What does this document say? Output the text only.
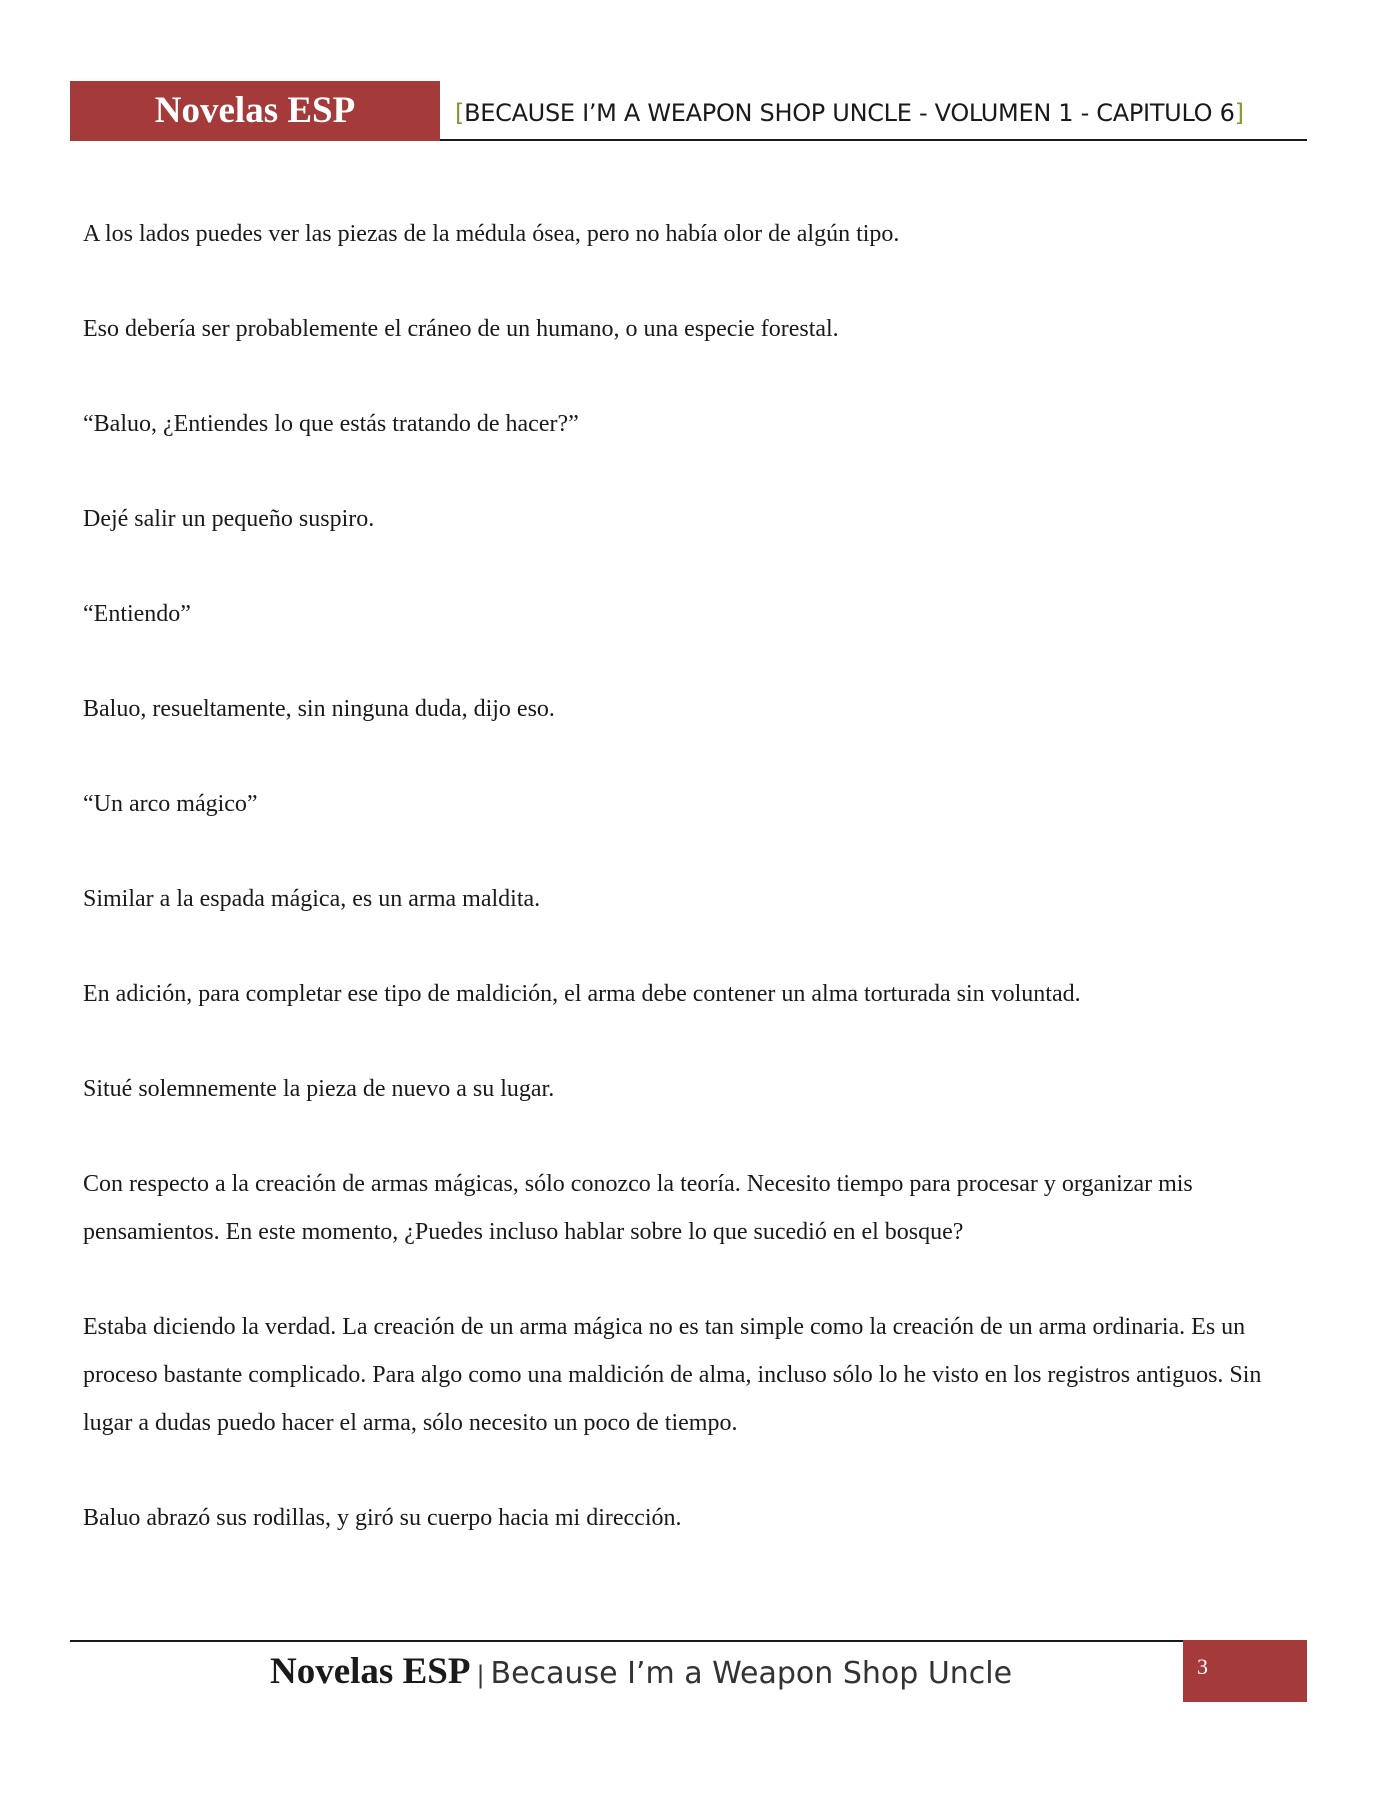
Novelas ESP	[BECAUSE I’M A WEAPON SHOP UNCLE - VOLUMEN 1 - CAPITULO 6]

A los lados puedes ver las piezas de la médula ósea, pero no había olor de algún tipo.

Eso debería ser probablemente el cráneo de un humano, o una especie forestal.

“Baluo, ¿Entiendes lo que estás tratando de hacer?”

Dejé salir un pequeño suspiro.

“Entiendo”

Baluo, resueltamente, sin ninguna duda, dijo eso.

“Un arco mágico”

Similar a la espada mágica, es un arma maldita.

En adición, para completar ese tipo de maldición, el arma debe contener un alma torturada sin voluntad.

Situé solemnemente la pieza de nuevo a su lugar.

Con respecto a la creación de armas mágicas, sólo conozco la teoría. Necesito tiempo para procesar y organizar mis pensamientos. En este momento, ¿Puedes incluso hablar sobre lo que sucedió en el bosque?

Estaba diciendo la verdad. La creación de un arma mágica no es tan simple como la creación de un arma ordinaria. Es un proceso bastante complicado. Para algo como una maldición de alma, incluso sólo lo he visto en los registros antiguos. Sin lugar a dudas puedo hacer el arma, sólo necesito un poco de tiempo.

Baluo abrazó sus rodillas, y giró su cuerpo hacia mi dirección.

Novelas ESP | Because I’m a Weapon Shop Uncle	3
